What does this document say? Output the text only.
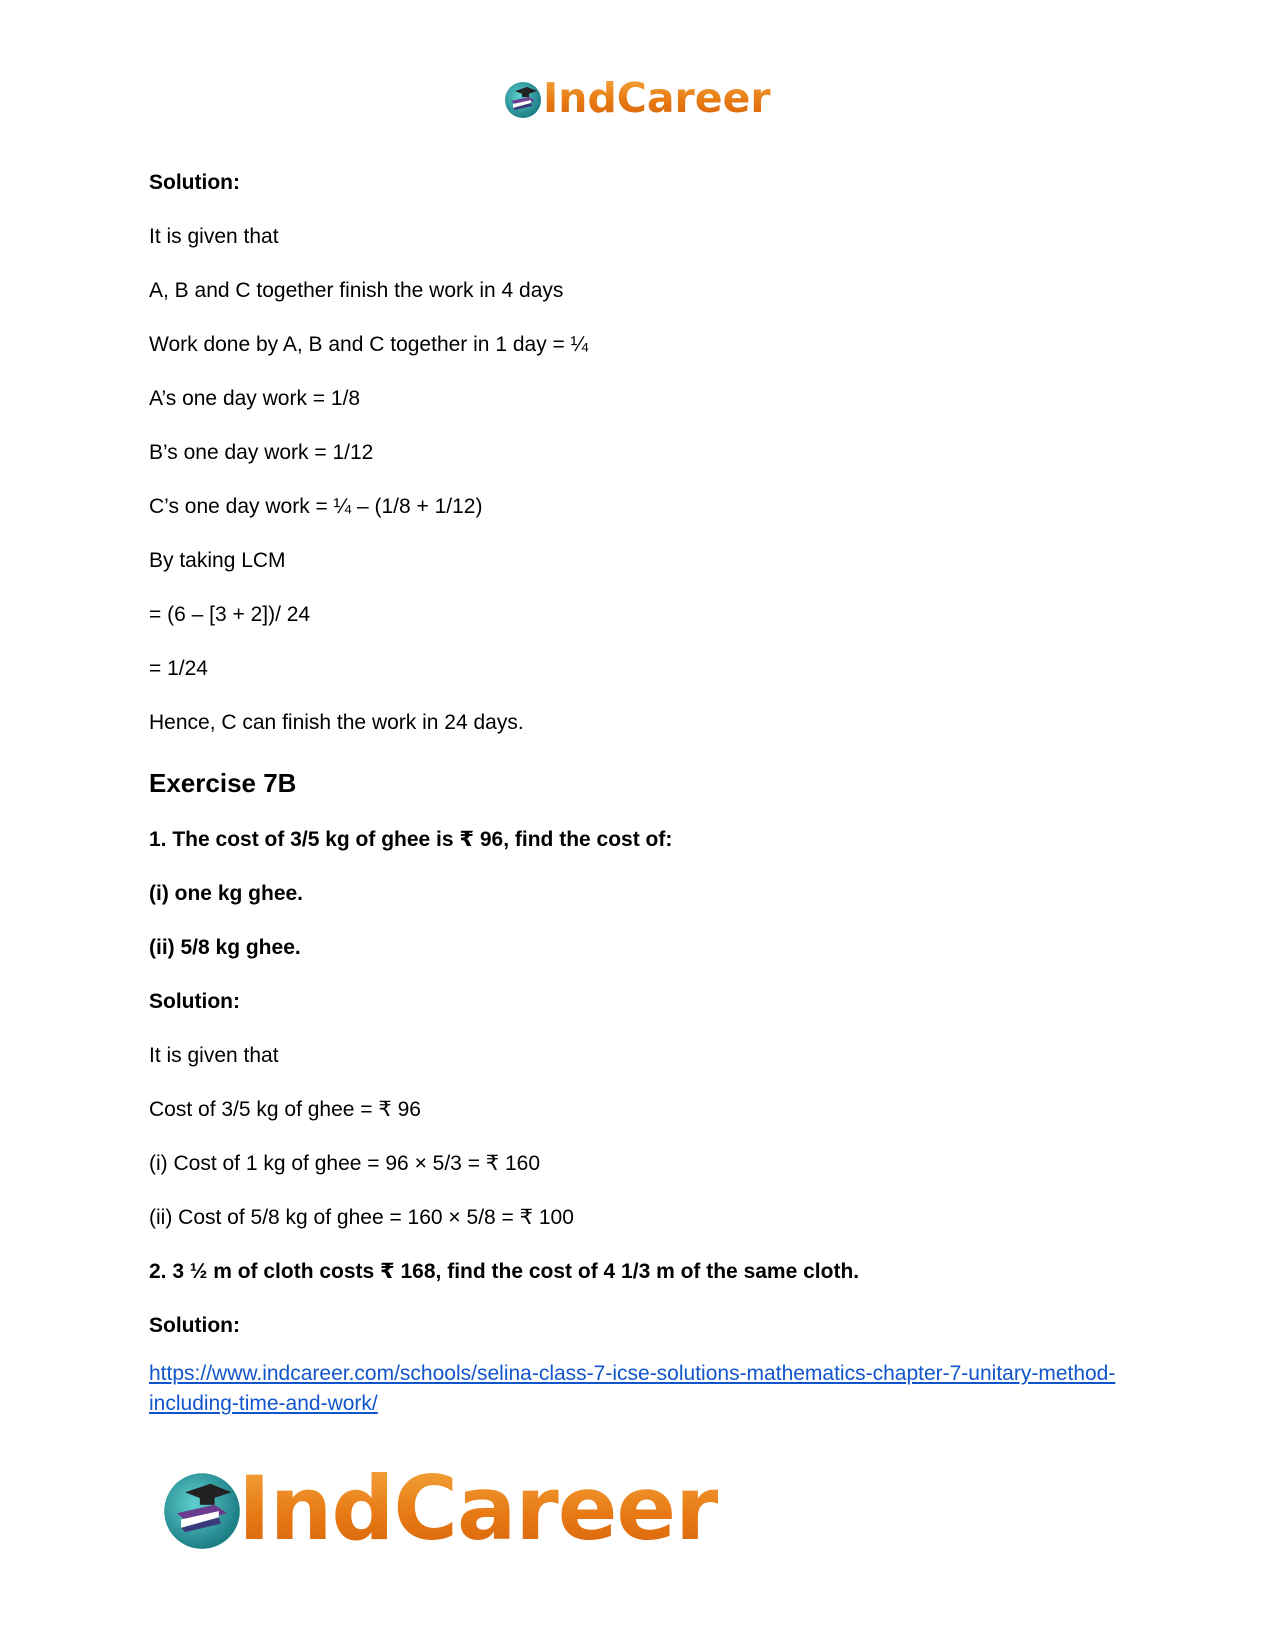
IndCareer
Solution:
It is given that
A, B and C together finish the work in 4 days
Work done by A, B and C together in 1 day = ¼
A’s one day work = 1/8
B’s one day work = 1/12
C’s one day work = ¼ – (1/8 + 1/12)
By taking LCM
= (6 – [3 + 2])/ 24
= 1/24
Hence, C can finish the work in 24 days.
Exercise 7B
1. The cost of 3/5 kg of ghee is ₹ 96, find the cost of:
(i) one kg ghee.
(ii) 5/8 kg ghee.
Solution:
It is given that
Cost of 3/5 kg of ghee = ₹ 96
(i) Cost of 1 kg of ghee = 96 × 5/3 = ₹ 160
(ii) Cost of 5/8 kg of ghee = 160 × 5/8 = ₹ 100
2. 3 ½ m of cloth costs ₹ 168, find the cost of 4 1/3 m of the same cloth.
Solution:
https://www.indcareer.com/schools/selina-class-7-icse-solutions-mathematics-chapter-7-unitary-method-including-time-and-work/
IndCareer
